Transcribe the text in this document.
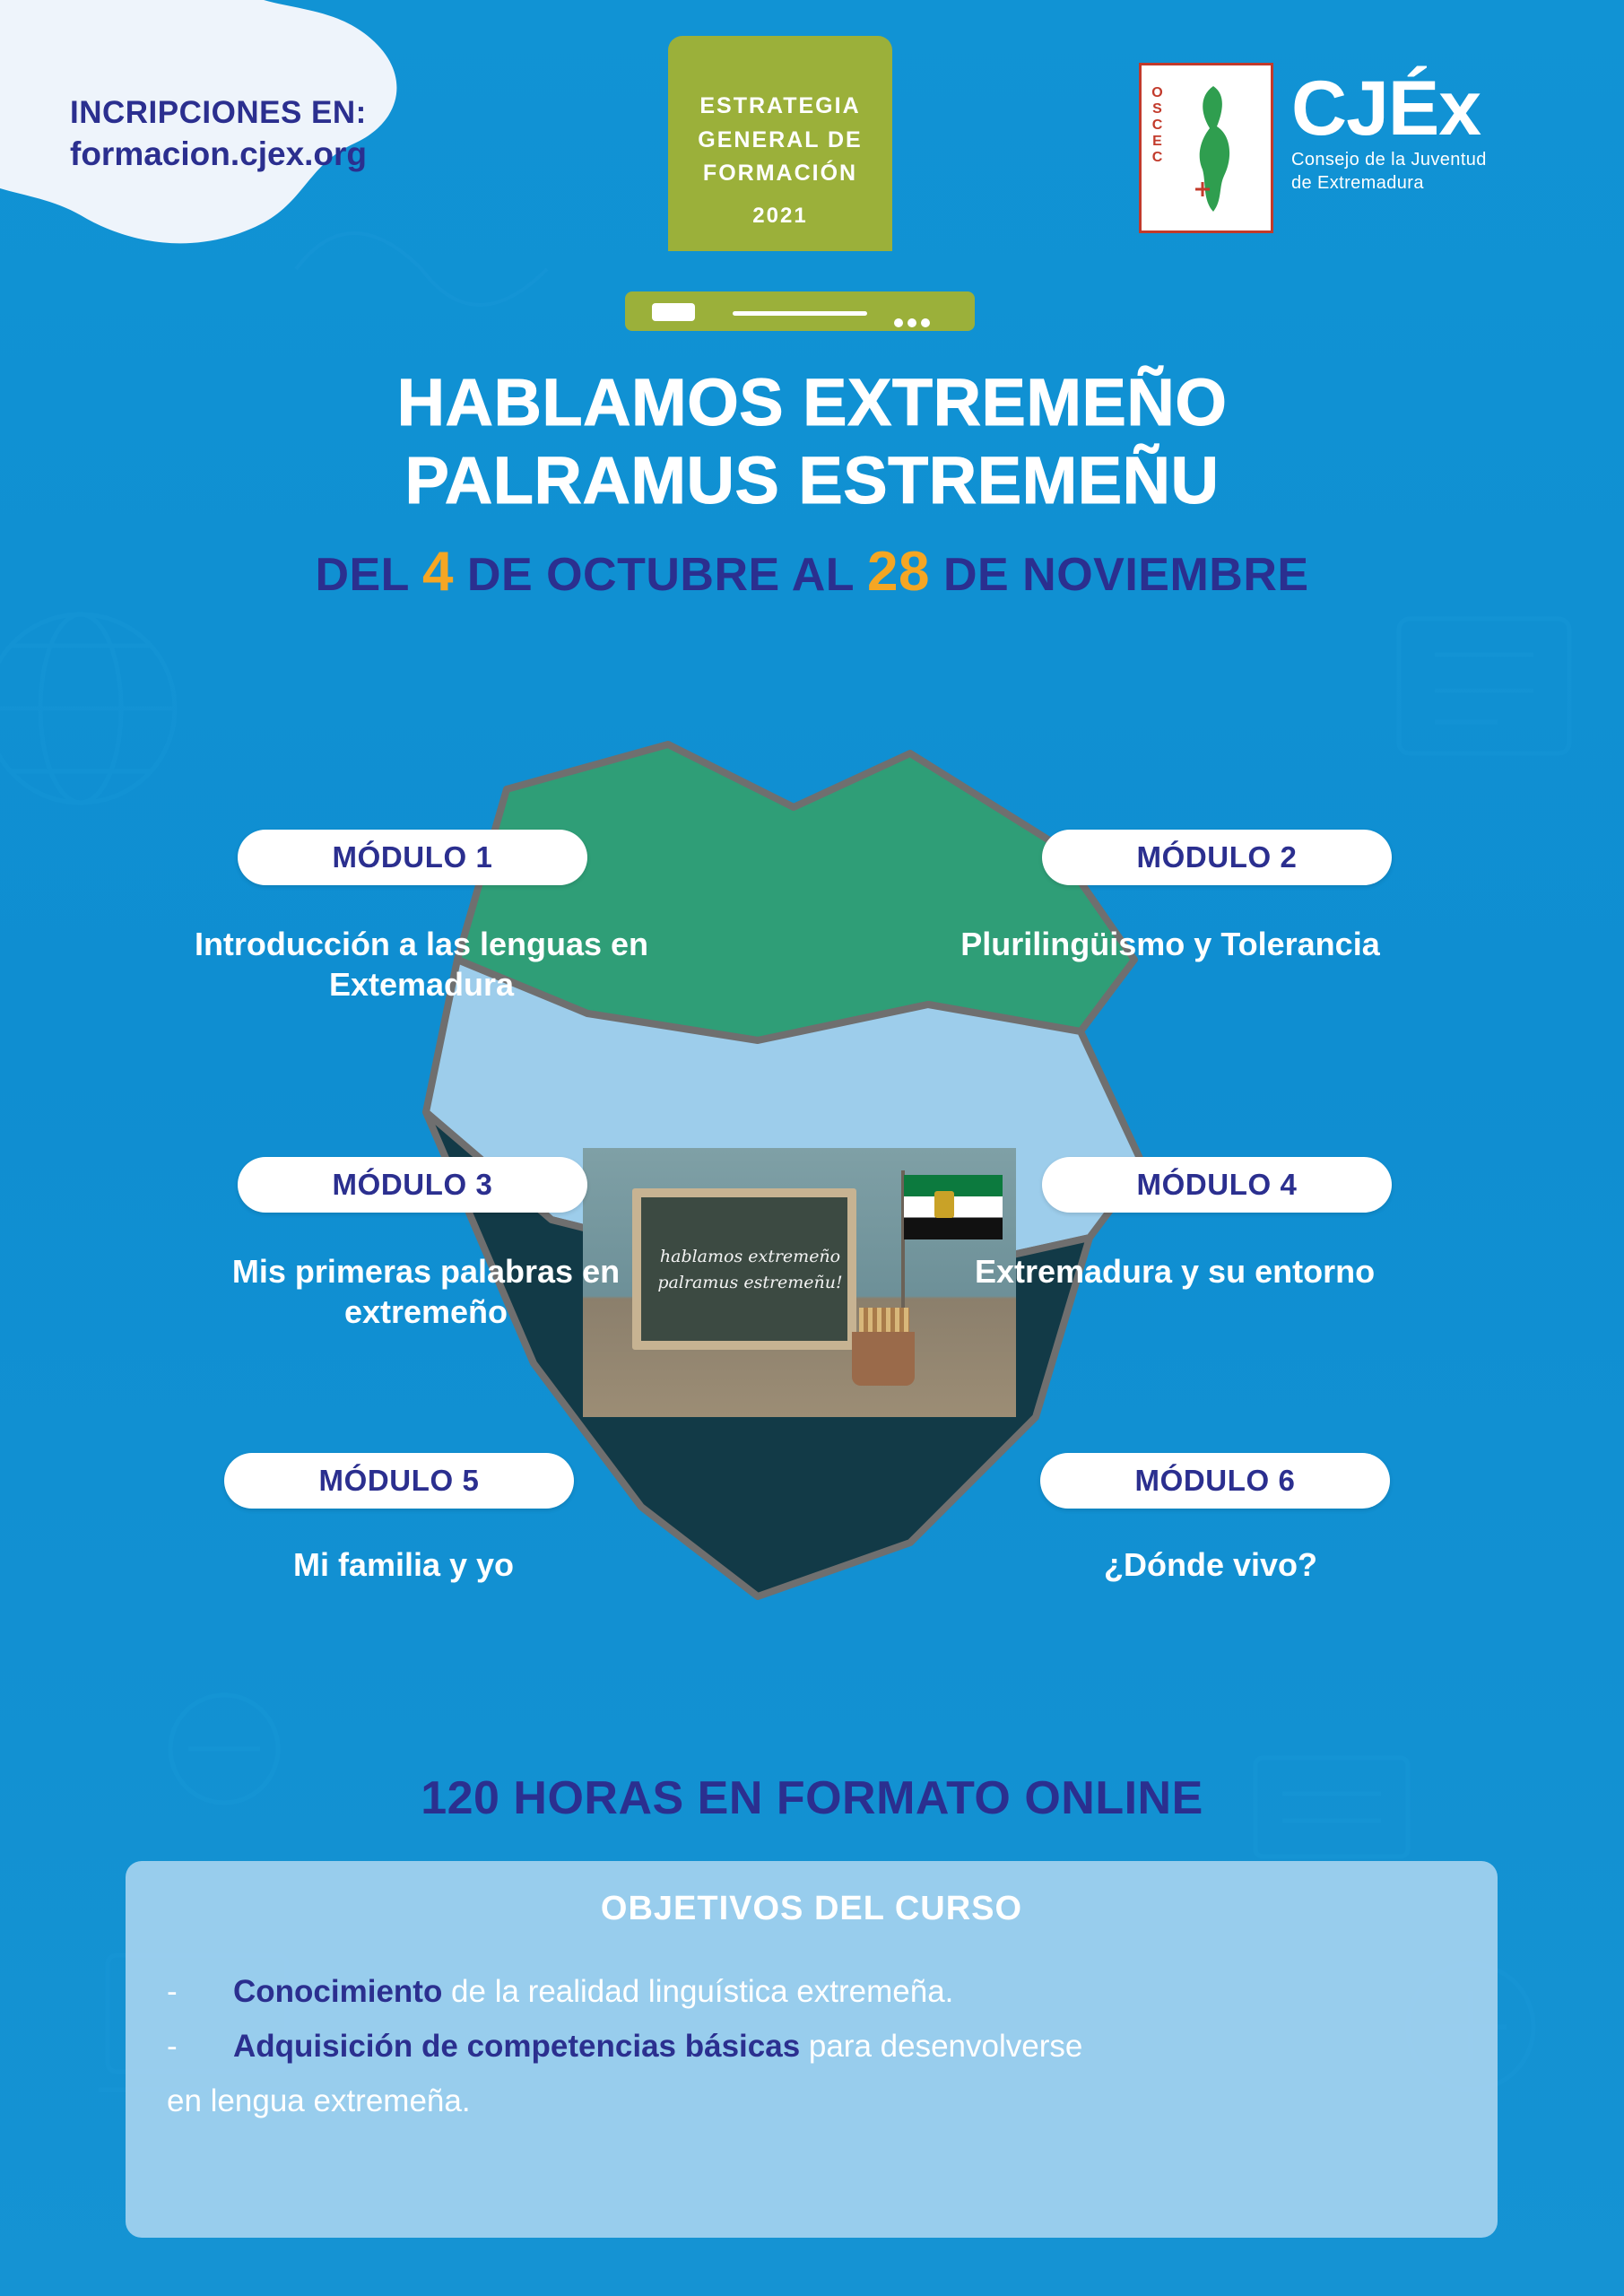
INCRIPCIONES EN:
formacion.cjex.org
ESTRATEGIA
GENERAL DE
FORMACIÓN
2021
OSCEC CJÉx
Consejo de la Juventud
de Extremadura
HABLAMOS EXTREMEÑO
PALRAMUS ESTREMEÑU
DEL 4 DE OCTUBRE AL 28 DE NOVIEMBRE
hablamos extremeño
palramus estremeñu!
MÓDULO 1
Introducción a las lenguas en Extemadura
MÓDULO 2
Plurilingüismo y Tolerancia
MÓDULO 3
Mis primeras palabras en extremeño
MÓDULO 4
Extremadura y su entorno
MÓDULO 5
Mi familia y yo
MÓDULO 6
¿Dónde vivo?
120 HORAS EN FORMATO ONLINE
OBJETIVOS DEL CURSO
- Conocimiento de la realidad linguística extremeña.
- Adquisición de competencias básicas para desenvolverse
en lengua extremeña.
